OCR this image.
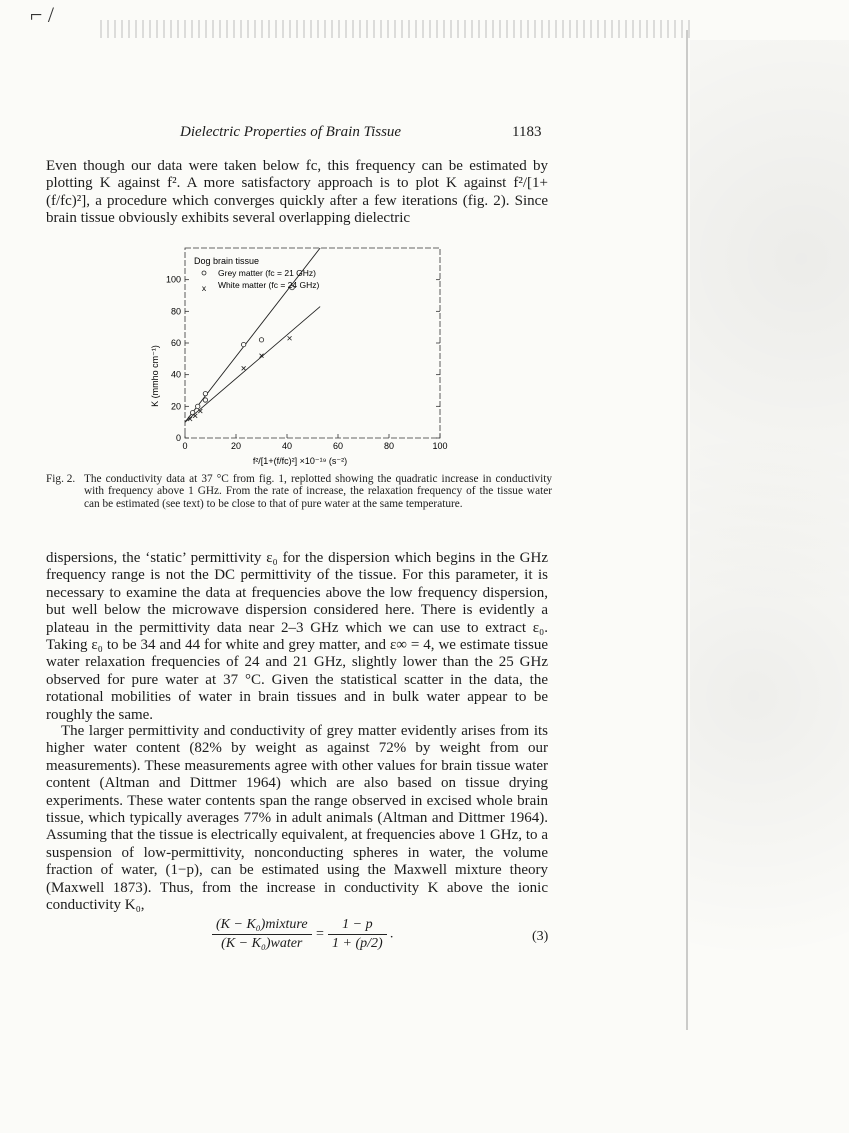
⌐ /
Dielectric Properties of Brain Tissue	1183

Even though our data were taken below fc, this frequency can be estimated by plotting K against f². A more satisfactory approach is to plot K against f²/[1+(f/fc)²], a procedure which converges quickly after a few iterations (fig. 2). Since brain tissue obviously exhibits several overlapping dielectric

0	20	40	60	80	100
0
20
40
60
80
100
x
Dog brain tissue
Grey matter (fc = 21 GHz)
White matter (fc = 24 GHz)
K (mmho cm⁻¹)
f²/[1+(f/fc)²] ×10⁻¹⁹ (s⁻²)
Fig. 2. The conductivity data at 37 °C from fig. 1, replotted showing the quadratic increase in conductivity with frequency above 1 GHz. From the rate of increase, the relaxation frequency of the tissue water can be estimated (see text) to be close to that of pure water at the same temperature.

dispersions, the ‘static’ permittivity ε₀ for the dispersion which begins in the GHz frequency range is not the DC permittivity of the tissue. For this parameter, it is necessary to examine the data at frequencies above the low frequency dispersion, but well below the microwave dispersion considered here. There is evidently a plateau in the permittivity data near 2–3 GHz which we can use to extract ε₀. Taking ε₀ to be 34 and 44 for white and grey matter, and ε∞ = 4, we estimate tissue water relaxation frequencies of 24 and 21 GHz, slightly lower than the 25 GHz observed for pure water at 37 °C. Given the statistical scatter in the data, the rotational mobilities of water in brain tissues and in bulk water appear to be roughly the same.

The larger permittivity and conductivity of grey matter evidently arises from its higher water content (82% by weight as against 72% by weight from our measurements). These measurements agree with other values for brain tissue water content (Altman and Dittmer 1964) which are also based on tissue drying experiments. These water contents span the range observed in excised whole brain tissue, which typically averages 77% in adult animals (Altman and Dittmer 1964). Assuming that the tissue is electrically equivalent, at frequencies above 1 GHz, to a suspension of low-permittivity, nonconducting spheres in water, the volume fraction of water, (1−p), can be estimated using the Maxwell mixture theory (Maxwell 1873). Thus, from the increase in conductivity K above the ionic conductivity K₀,

$\frac{\text{(K − K₀)mixture}}{\text{(K − K₀)water}} = \frac{1 - p}{1 + (p/2)}$ .	(3)
